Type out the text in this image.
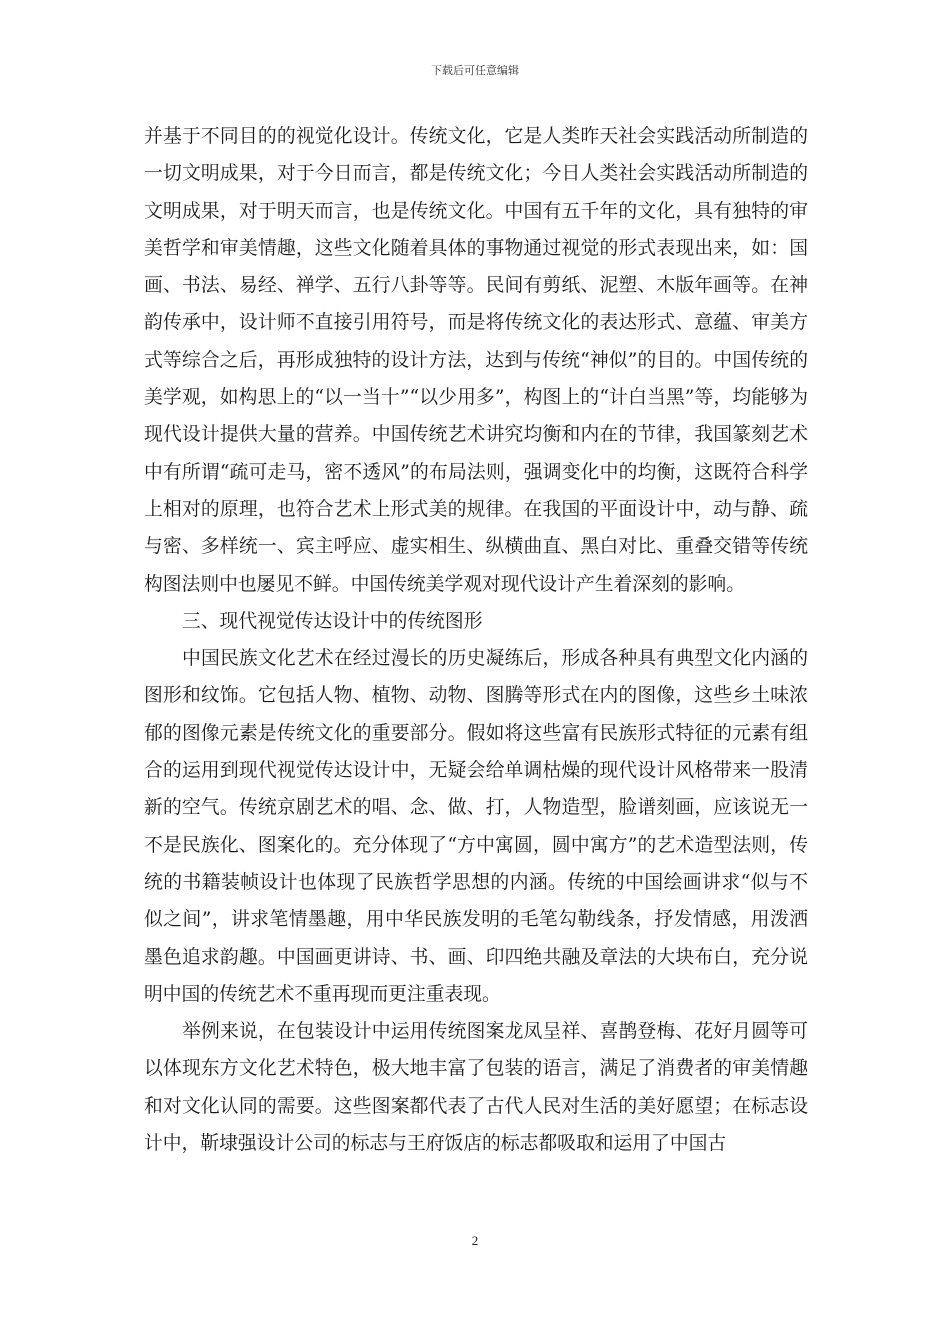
下载后可任意编辑

并基于不同目的的视觉化设计。传统文化，它是人类昨天社会实践活动所制造的一切文明成果，对于今日而言，都是传统文化；今日人类社会实践活动所制造的文明成果，对于明天而言，也是传统文化。中国有五千年的文化，具有独特的审美哲学和审美情趣，这些文化随着具体的事物通过视觉的形式表现出来，如：国画、书法、易经、禅学、五行八卦等等。民间有剪纸、泥塑、木版年画等。在神韵传承中，设计师不直接引用符号，而是将传统文化的表达形式、意蕴、审美方式等综合之后，再形成独特的设计方法，达到与传统“神似”的目的。中国传统的美学观，如构思上的“以一当十”“以少用多”，构图上的“计白当黑”等，均能够为现代设计提供大量的营养。中国传统艺术讲究均衡和内在的节律，我国篆刻艺术中有所谓“疏可走马，密不透风”的布局法则，强调变化中的均衡，这既符合科学上相对的原理，也符合艺术上形式美的规律。在我国的平面设计中，动与静、疏与密、多样统一、宾主呼应、虚实相生、纵横曲直、黑白对比、重叠交错等传统构图法则中也屡见不鲜。中国传统美学观对现代设计产生着深刻的影响。

三、现代视觉传达设计中的传统图形

中国民族文化艺术在经过漫长的历史凝练后，形成各种具有典型文化内涵的图形和纹饰。它包括人物、植物、动物、图腾等形式在内的图像，这些乡土味浓郁的图像元素是传统文化的重要部分。假如将这些富有民族形式特征的元素有组合的运用到现代视觉传达设计中，无疑会给单调枯燥的现代设计风格带来一股清新的空气。传统京剧艺术的唱、念、做、打，人物造型，脸谱刻画，应该说无一不是民族化、图案化的。充分体现了“方中寓圆，圆中寓方”的艺术造型法则，传统的书籍装帧设计也体现了民族哲学思想的内涵。传统的中国绘画讲求“似与不似之间”，讲求笔情墨趣，用中华民族发明的毛笔勾勒线条，抒发情感，用泼洒墨色追求韵趣。中国画更讲诗、书、画、印四绝共融及章法的大块布白，充分说明中国的传统艺术不重再现而更注重表现。

举例来说，在包装设计中运用传统图案龙凤呈祥、喜鹊登梅、花好月圆等可以体现东方文化艺术特色，极大地丰富了包装的语言，满足了消费者的审美情趣和对文化认同的需要。这些图案都代表了古代人民对生活的美好愿望；在标志设计中，靳埭强设计公司的标志与王府饭店的标志都吸取和运用了中国古

2
